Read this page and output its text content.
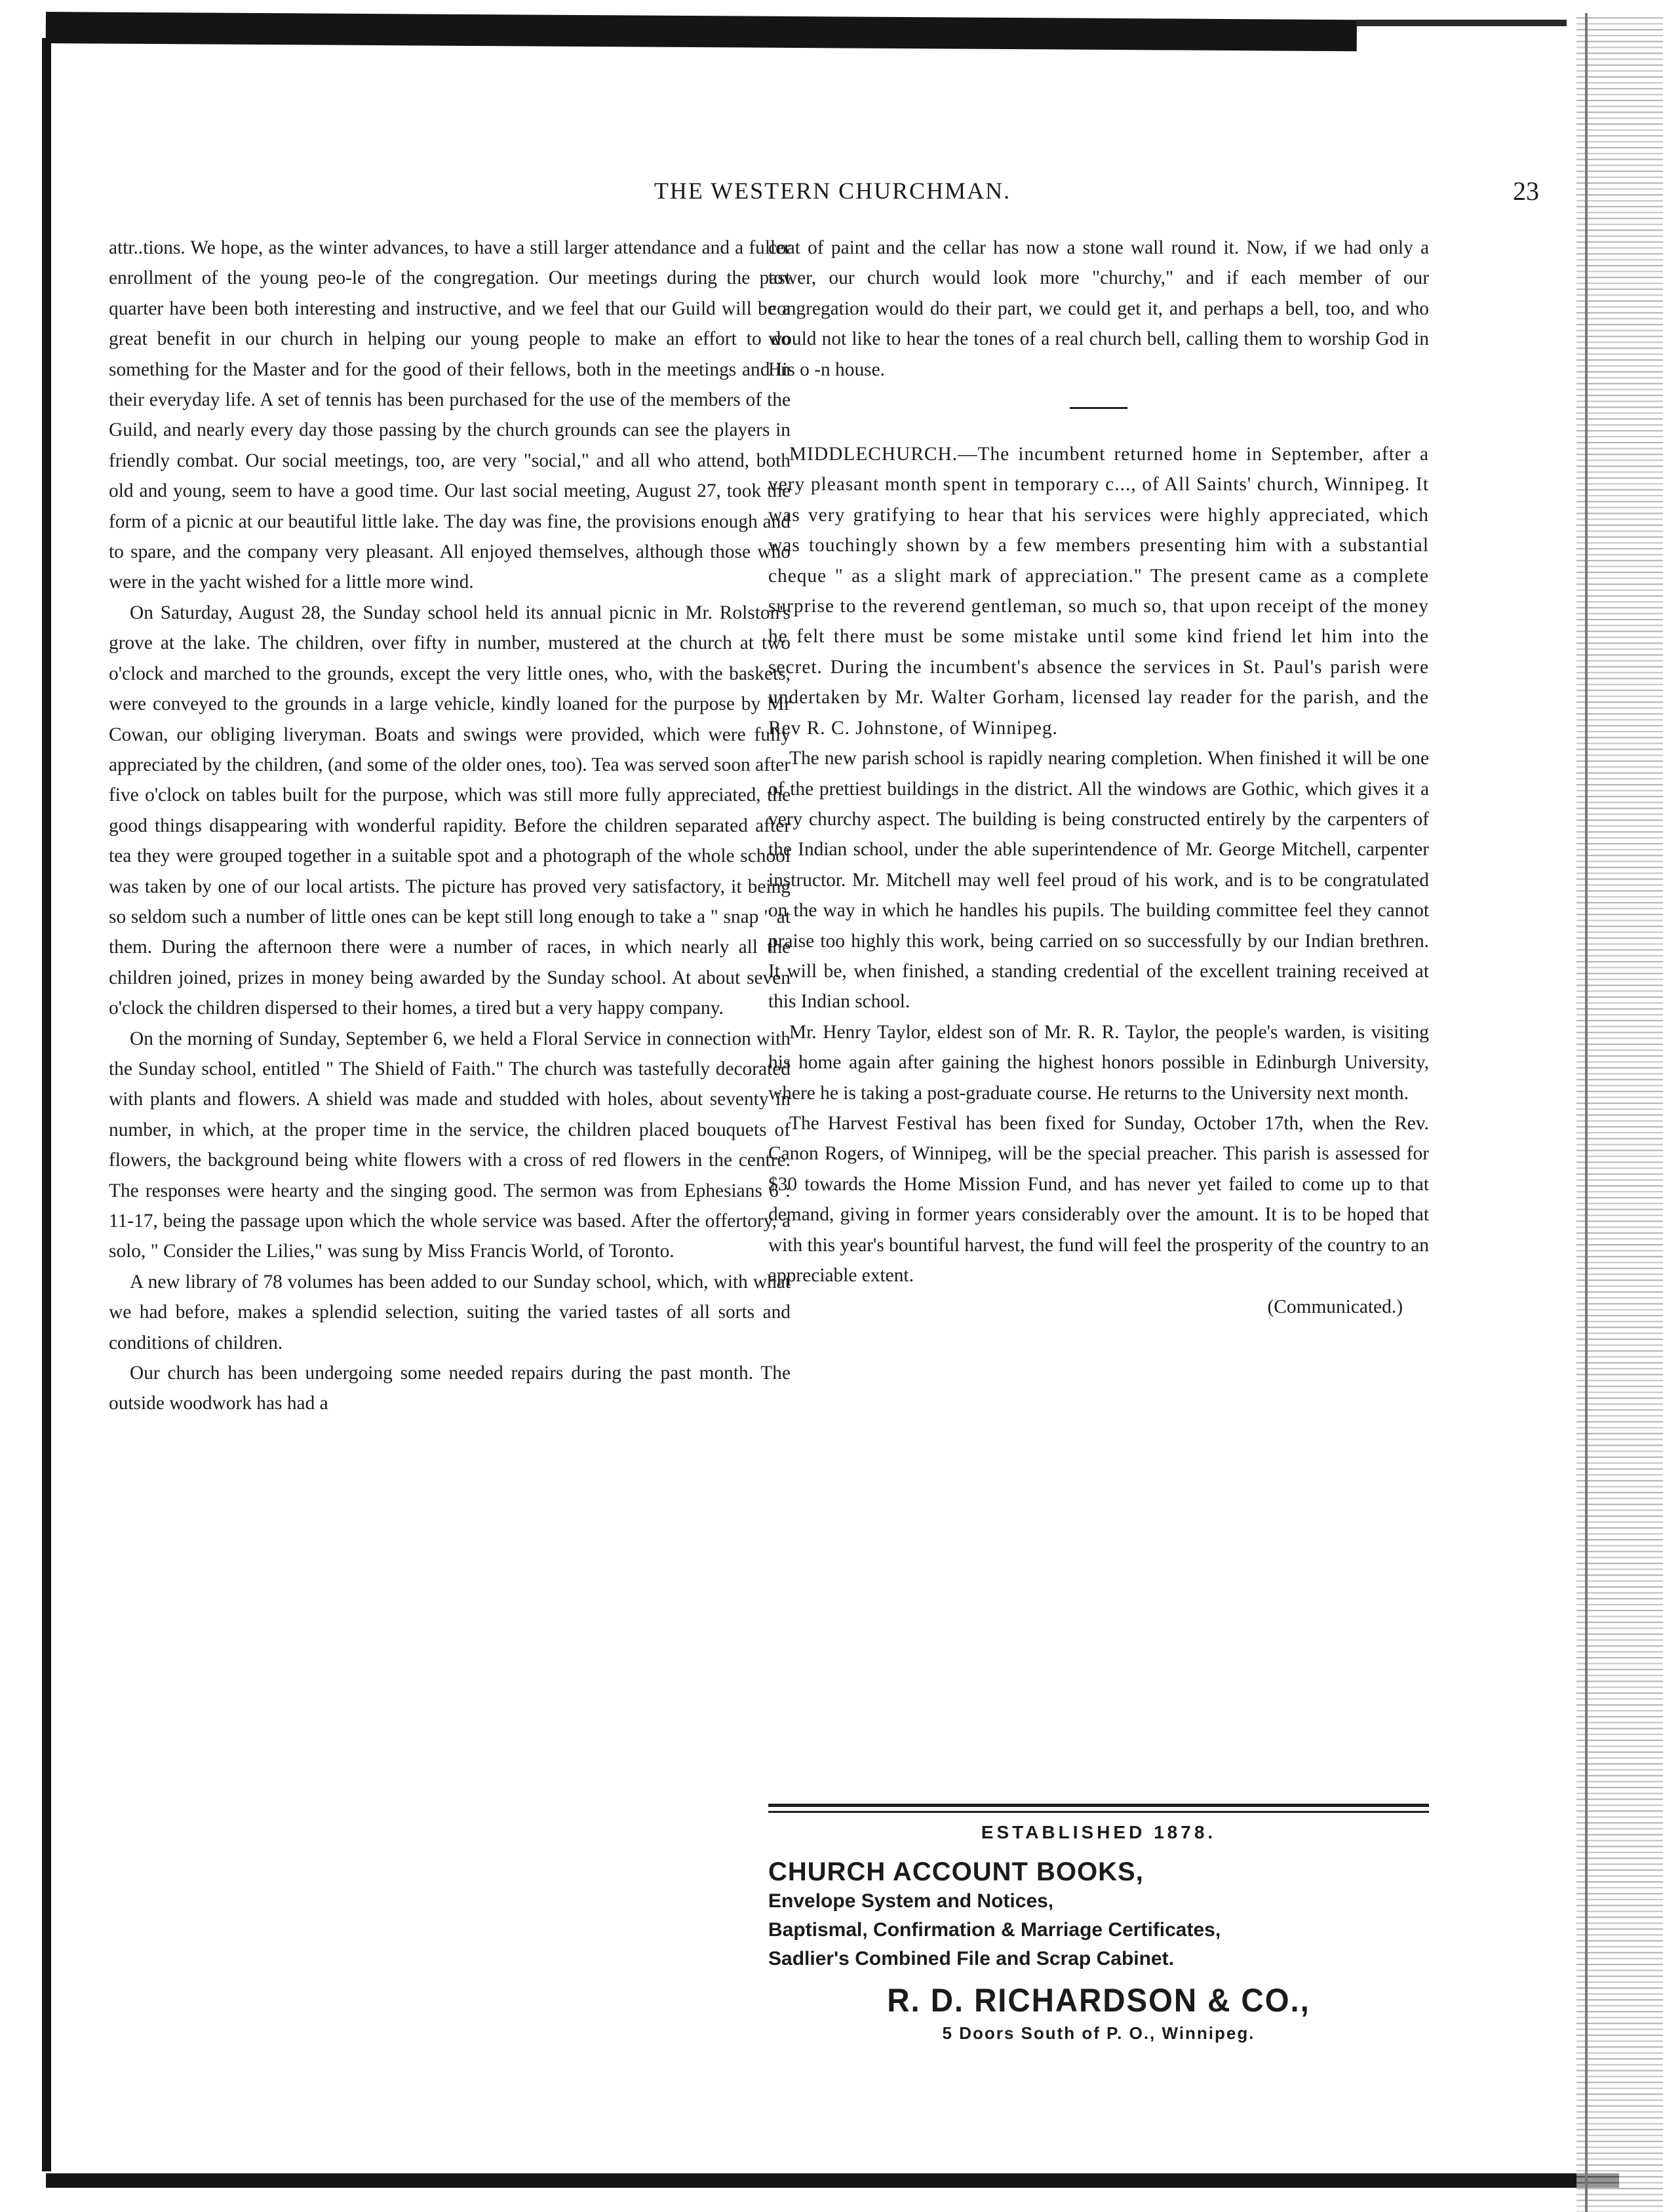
THE WESTERN CHURCHMAN.	23

attr..tions. We hope, as the winter advances, to have a still larger attendance and a fuller enrollment of the young peo-le of the congregation. Our meetings during the past quarter have been both interesting and instructive, and we feel that our Guild will be a great benefit in our church in helping our young people to make an effort to do something for the Master and for the good of their fellows, both in the meetings and in their everyday life. A set of tennis has been purchased for the use of the members of the Guild, and nearly every day those passing by the church grounds can see the players in friendly combat. Our social meetings, too, are very "social," and all who attend, both old and young, seem to have a good time. Our last social meeting, August 27, took the form of a picnic at our beautiful little lake. The day was fine, the provisions enough and to spare, and the company very pleasant. All enjoyed themselves, although those who were in the yacht wished for a little more wind.

On Saturday, August 28, the Sunday school held its annual picnic in Mr. Rolston's grove at the lake. The children, over fifty in number, mustered at the church at two o'clock and marched to the grounds, except the very little ones, who, with the baskets, were conveyed to the grounds in a large vehicle, kindly loaned for the purpose by Mr Cowan, our obliging liveryman. Boats and swings were provided, which were fully appreciated by the children, (and some of the older ones, too). Tea was served soon after five o'clock on tables built for the purpose, which was still more fully appreciated, the good things disappearing with wonderful rapidity. Before the children separated after tea they were grouped together in a suitable spot and a photograph of the whole school was taken by one of our local artists. The picture has proved very satisfactory, it being so seldom such a number of little ones can be kept still long enough to take a " snap " at them. During the afternoon there were a number of races, in which nearly all the children joined, prizes in money being awarded by the Sunday school. At about seven o'clock the children dispersed to their homes, a tired but a very happy company.

On the morning of Sunday, September 6, we held a Floral Service in connection with the Sunday school, entitled " The Shield of Faith." The church was tastefully decorated with plants and flowers. A shield was made and studded with holes, about seventy in number, in which, at the proper time in the service, the children placed bouquets of flowers, the background being white flowers with a cross of red flowers in the centre. The responses were hearty and the singing good. The sermon was from Ephesians 6 : 11-17, being the passage upon which the whole service was based. After the offertory, a solo, " Consider the Lilies," was sung by Miss Francis World, of Toronto.

A new library of 78 volumes has been added to our Sunday school, which, with what we had before, makes a splendid selection, suiting the varied tastes of all sorts and conditions of children.

Our church has been undergoing some needed repairs during the past month. The outside woodwork has had a

coat of paint and the cellar has now a stone wall round it. Now, if we had only a tower, our church would look more "churchy," and if each member of our congregation would do their part, we could get it, and perhaps a bell, too, and who would not like to hear the tones of a real church bell, calling them to worship God in His o -n house.

MIDDLECHURCH.—The incumbent returned home in September, after a very pleasant month spent in temporary c..., of All Saints' church, Winnipeg. It was very gratifying to hear that his services were highly appreciated, which was touchingly shown by a few members presenting him with a substantial cheque " as a slight mark of appreciation." The present came as a complete surprise to the reverend gentleman, so much so, that upon receipt of the money he felt there must be some mistake until some kind friend let him into the secret. During the incumbent's absence the services in St. Paul's parish were undertaken by Mr. Walter Gorham, licensed lay reader for the parish, and the Rev R. C. Johnstone, of Winnipeg.

The new parish school is rapidly nearing completion. When finished it will be one of the prettiest buildings in the district. All the windows are Gothic, which gives it a very churchy aspect. The building is being constructed entirely by the carpenters of the Indian school, under the able superintendence of Mr. George Mitchell, carpenter instructor. Mr. Mitchell may well feel proud of his work, and is to be congratulated on the way in which he handles his pupils. The building committee feel they cannot praise too highly this work, being carried on so successfully by our Indian brethren. It will be, when finished, a standing credential of the excellent training received at this Indian school.

Mr. Henry Taylor, eldest son of Mr. R. R. Taylor, the people's warden, is visiting his home again after gaining the highest honors possible in Edinburgh University, where he is taking a post-graduate course. He returns to the University next month.

The Harvest Festival has been fixed for Sunday, October 17th, when the Rev. Canon Rogers, of Winnipeg, will be the special preacher. This parish is assessed for $30 towards the Home Mission Fund, and has never yet failed to come up to that demand, giving in former years considerably over the amount. It is to be hoped that with this year's bountiful harvest, the fund will feel the prosperity of the country to an appreciable extent.

(Communicated.)

ESTABLISHED 1878.
CHURCH ACCOUNT BOOKS,
Envelope System and Notices,
Baptismal, Confirmation & Marriage Certificates,
Sadlier's Combined File and Scrap Cabinet.
R. D. RICHARDSON & CO.,
5 Doors South of P. O., Winnipeg.
